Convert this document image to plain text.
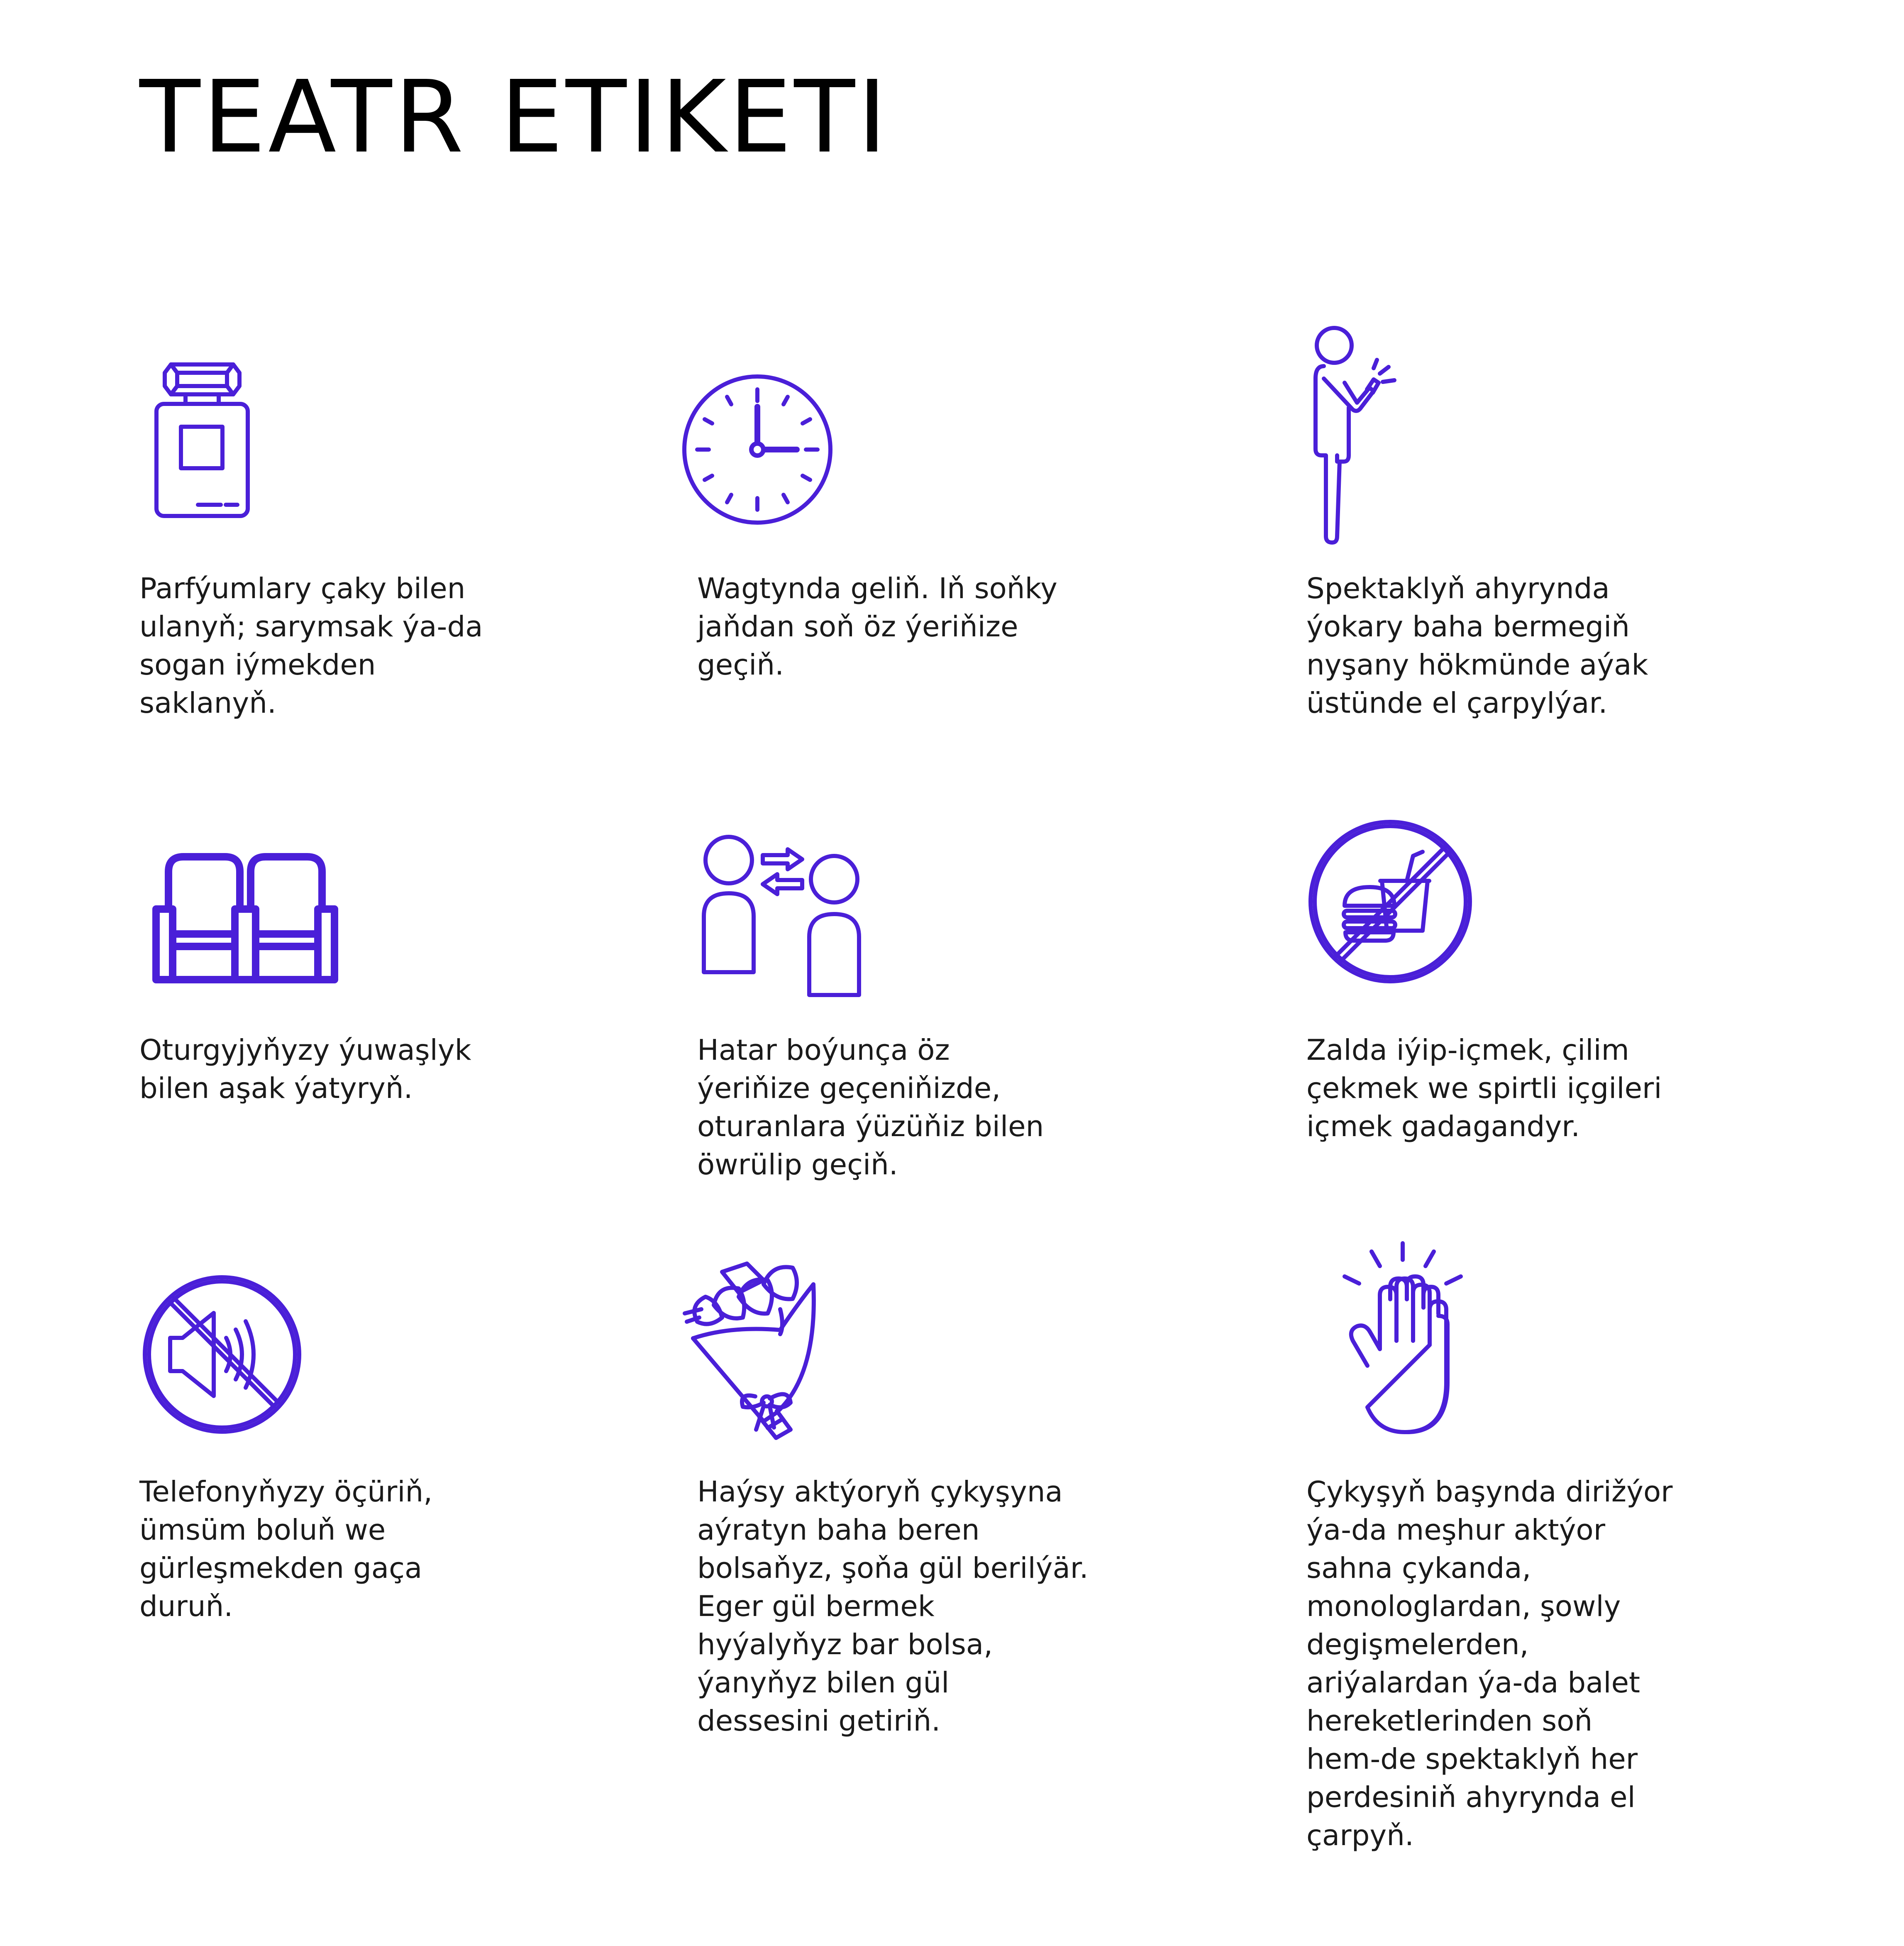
TEATR ETIKETI

Parfýumlary çaky bilen
ulanyň; sarymsak ýa-da
sogan iýmekden
saklanyň.

Wagtynda geliň. Iň soňky
jaňdan soň öz ýeriňize
geçiň.

Spektaklyň ahyrynda
ýokary baha bermegiň
nyşany hökmünde aýak
üstünde el çarpylýar.

Oturgyjyňyzy ýuwaşlyk
bilen aşak ýatyryň.

Hatar boýunça öz
ýeriňize geçeniňizde,
oturanlara ýüzüňiz bilen
öwrülip geçiň.

Zalda iýip-içmek, çilim
çekmek we spirtli içgileri
içmek gadagandyr.

Telefonyňyzy öçüriň,
ümsüm boluň we
gürleşmekden gaça
duruň.

Haýsy aktýoryň çykyşyna
aýratyn baha beren
bolsaňyz, şoňa gül berilýär.
Eger gül bermek
hyýalyňyz bar bolsa,
ýanyňyz bilen gül
dessesini getiriň.

Çykyşyň başynda dirižýor
ýa-da meşhur aktýor
sahna çykanda,
monologlardan, şowly
degişmelerden,
ariýalardan ýa-da balet
hereketlerinden soň
hem-de spektaklyň her
perdesiniň ahyrynda el
çarpyň.
